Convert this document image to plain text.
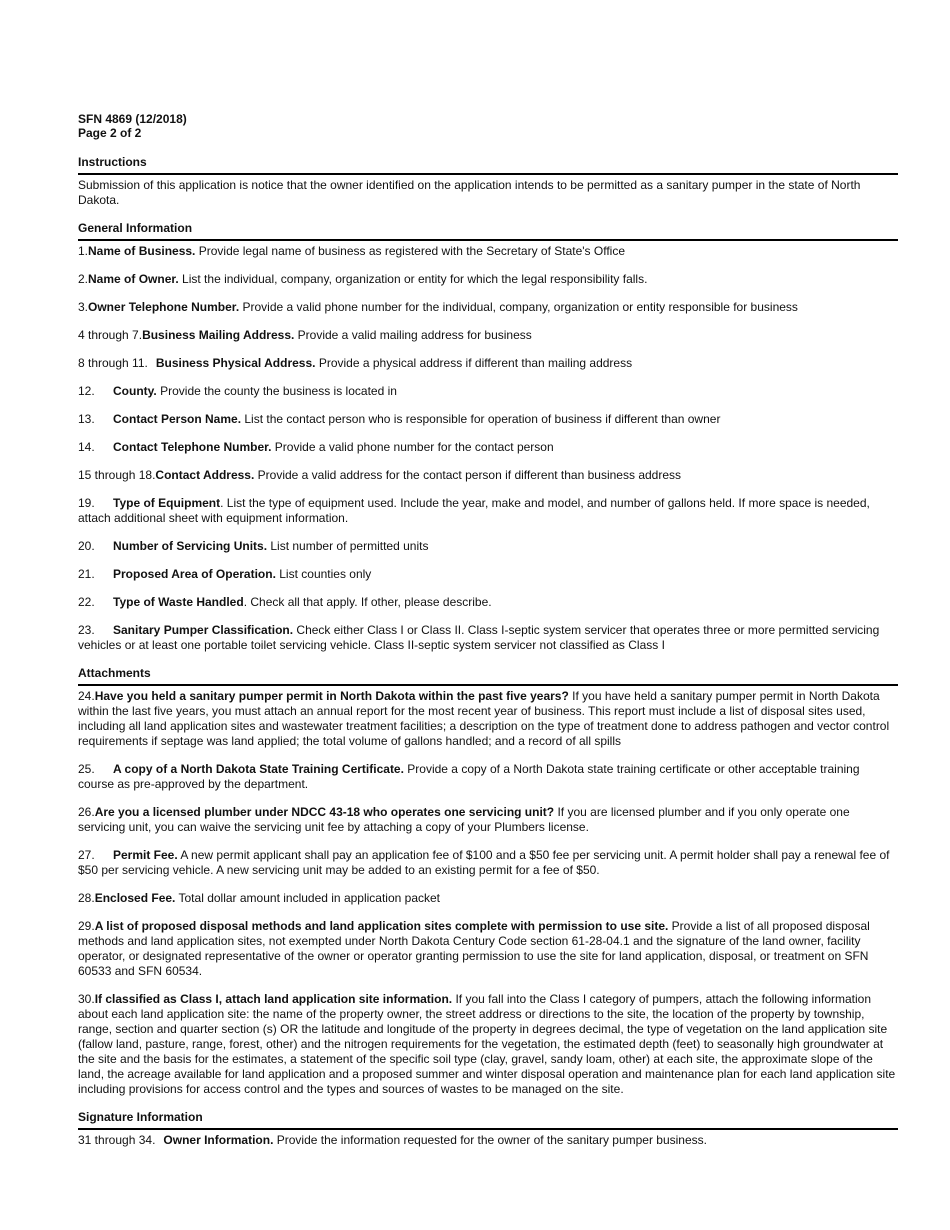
SFN 4869 (12/2018)
Page 2 of 2
Instructions
Submission of this application is notice that the owner identified on the application intends to be permitted as a sanitary pumper in the state of North Dakota.
General Information
1.Name of Business. Provide legal name of business as registered with the Secretary of State's Office
2.Name of Owner. List the individual, company, organization or entity for which the legal responsibility falls.
3.Owner Telephone Number. Provide a valid phone number for the individual, company, organization or entity responsible for business
4 through 7.Business Mailing Address. Provide a valid mailing address for business
8 through 11. Business Physical Address. Provide a physical address if different than mailing address
12. County. Provide the county the business is located in
13. Contact Person Name. List the contact person who is responsible for operation of business if different than owner
14. Contact Telephone Number. Provide a valid phone number for the contact person
15 through 18.Contact Address. Provide a valid address for the contact person if different than business address
19. Type of Equipment. List the type of equipment used. Include the year, make and model, and number of gallons held. If more space is needed, attach additional sheet with equipment information.
20. Number of Servicing Units. List number of permitted units
21. Proposed Area of Operation. List counties only
22. Type of Waste Handled. Check all that apply. If other, please describe.
23. Sanitary Pumper Classification. Check either Class I or Class II. Class I-septic system servicer that operates three or more permitted servicing vehicles or at least one portable toilet servicing vehicle. Class II-septic system servicer not classified as Class I
Attachments
24.Have you held a sanitary pumper permit in North Dakota within the past five years? If you have held a sanitary pumper permit in North Dakota within the last five years, you must attach an annual report for the most recent year of business. This report must include a list of disposal sites used, including all land application sites and wastewater treatment facilities; a description on the type of treatment done to address pathogen and vector control requirements if septage was land applied; the total volume of gallons handled; and a record of all spills
25. A copy of a North Dakota State Training Certificate. Provide a copy of a North Dakota state training certificate or other acceptable training course as pre-approved by the department.
26.Are you a licensed plumber under NDCC 43-18 who operates one servicing unit? If you are licensed plumber and if you only operate one servicing unit, you can waive the servicing unit fee by attaching a copy of your Plumbers license.
27. Permit Fee. A new permit applicant shall pay an application fee of $100 and a $50 fee per servicing unit. A permit holder shall pay a renewal fee of $50 per servicing vehicle. A new servicing unit may be added to an existing permit for a fee of $50.
28.Enclosed Fee. Total dollar amount included in application packet
29.A list of proposed disposal methods and land application sites complete with permission to use site. Provide a list of all proposed disposal methods and land application sites, not exempted under North Dakota Century Code section 61-28-04.1 and the signature of the land owner, facility operator, or designated representative of the owner or operator granting permission to use the site for land application, disposal, or treatment on SFN 60533 and SFN 60534.
30.If classified as Class I, attach land application site information. If you fall into the Class I category of pumpers, attach the following information about each land application site: the name of the property owner, the street address or directions to the site, the location of the property by township, range, section and quarter section (s) OR the latitude and longitude of the property in degrees decimal, the type of vegetation on the land application site (fallow land, pasture, range, forest, other) and the nitrogen requirements for the vegetation, the estimated depth (feet) to seasonally high groundwater at the site and the basis for the estimates, a statement of the specific soil type (clay, gravel, sandy loam, other) at each site, the approximate slope of the land, the acreage available for land application and a proposed summer and winter disposal operation and maintenance plan for each land application site including provisions for access control and the types and sources of wastes to be managed on the site.
Signature Information
31 through 34. Owner Information. Provide the information requested for the owner of the sanitary pumper business.
